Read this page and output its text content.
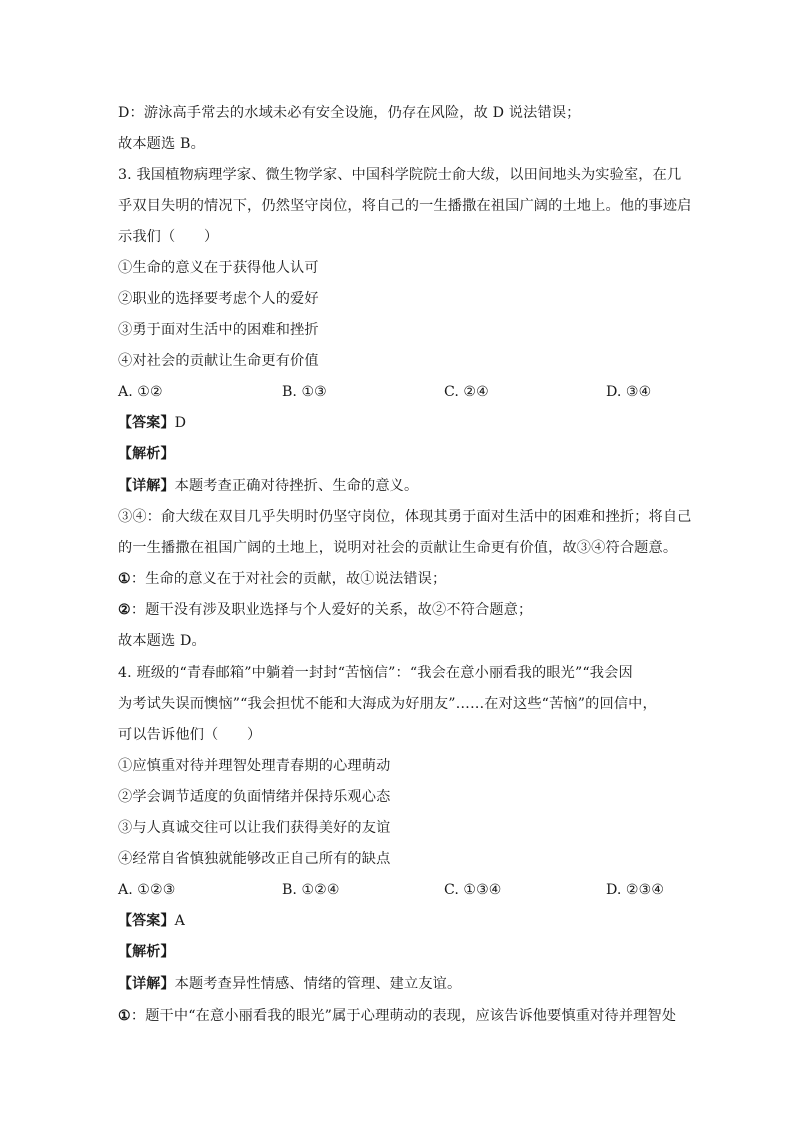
D：游泳高手常去的水域未必有安全设施，仍存在风险，故 D 说法错误；
故本题选 B。
3. 我国植物病理学家、微生物学家、中国科学院院士俞大绂，以田间地头为实验室，在几
乎双目失明的情况下，仍然坚守岗位，将自己的一生播撒在祖国广阔的土地上。他的事迹启
示我们（　　）
①生命的意义在于获得他人认可
②职业的选择要考虑个人的爱好
③勇于面对生活中的困难和挫折
④对社会的贡献让生命更有价值
A. ①②	B. ①③	C. ②④	D. ③④
【答案】D
【解析】
【详解】本题考查正确对待挫折、生命的意义。
③④：俞大绂在双目几乎失明时仍坚守岗位，体现其勇于面对生活中的困难和挫折；将自己
的一生播撒在祖国广阔的土地上，说明对社会的贡献让生命更有价值，故③④符合题意。
①：生命的意义在于对社会的贡献，故①说法错误；
②：题干没有涉及职业选择与个人爱好的关系，故②不符合题意；
故本题选 D。
4. 班级的“青春邮箱”中躺着一封封“苦恼信”：“我会在意小丽看我的眼光”“我会因
为考试失误而懊恼”“我会担忧不能和大海成为好朋友”……在对这些“苦恼”的回信中，
可以告诉他们（　　）
①应慎重对待并理智处理青春期的心理萌动
②学会调节适度的负面情绪并保持乐观心态
③与人真诚交往可以让我们获得美好的友谊
④经常自省慎独就能够改正自己所有的缺点
A. ①②③	B. ①②④	C. ①③④	D. ②③④
【答案】A
【解析】
【详解】本题考查异性情感、情绪的管理、建立友谊。
①：题干中“在意小丽看我的眼光”属于心理萌动的表现，应该告诉他要慎重对待并理智处
